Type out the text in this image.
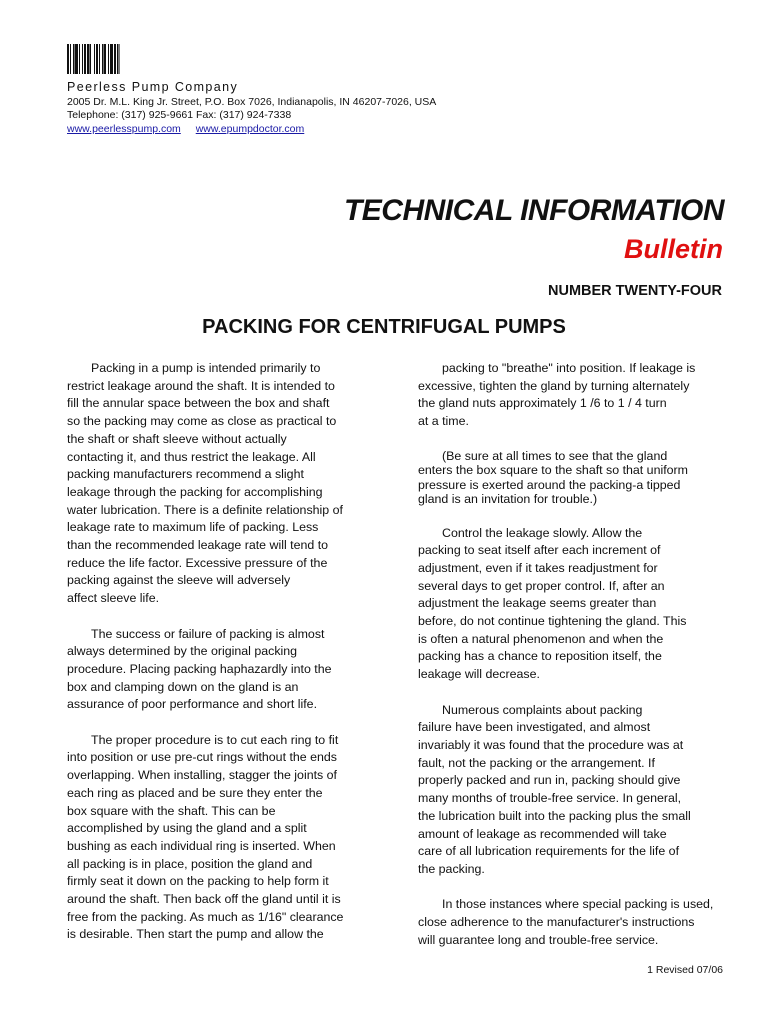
Peerless Pump Company
2005 Dr. M.L. King Jr. Street, P.O. Box 7026, Indianapolis, IN 46207-7026, USA
Telephone: (317) 925-9661 Fax: (317) 924-7338
www.peerlesspump.com www.epumpdoctor.com
TECHNICAL INFORMATION
Bulletin
NUMBER TWENTY-FOUR
PACKING FOR CENTRIFUGAL PUMPS

Packing in a pump is intended primarily to
restrict leakage around the shaft. It is intended to
fill the annular space between the box and shaft
so the packing may come as close as practical to
the shaft or shaft sleeve without actually
contacting it, and thus restrict the leakage. All
packing manufacturers recommend a slight
leakage through the packing for accomplishing
water lubrication. There is a definite relationship of
leakage rate to maximum life of packing. Less
than the recommended leakage rate will tend to
reduce the life factor. Excessive pressure of the
packing against the sleeve will adversely
affect sleeve life.

The success or failure of packing is almost
always determined by the original packing
procedure. Placing packing haphazardly into the
box and clamping down on the gland is an
assurance of poor performance and short life.

The proper procedure is to cut each ring to fit
into position or use pre-cut rings without the ends
overlapping. When installing, stagger the joints of
each ring as placed and be sure they enter the
box square with the shaft. This can be
accomplished by using the gland and a split
bushing as each individual ring is inserted. When
all packing is in place, position the gland and
firmly seat it down on the packing to help form it
around the shaft. Then back off the gland until it is
free from the packing. As much as 1/16" clearance
is desirable. Then start the pump and allow the

packing to "breathe" into position. If leakage is
excessive, tighten the gland by turning alternately
the gland nuts approximately 1 /6 to 1 / 4 turn
at a time.

(Be sure at all times to see that the gland
enters the box square to the shaft so that uniform
pressure is exerted around the packing-a tipped
gland is an invitation for trouble.)

Control the leakage slowly. Allow the
packing to seat itself after each increment of
adjustment, even if it takes readjustment for
several days to get proper control. If, after an
adjustment the leakage seems greater than
before, do not continue tightening the gland. This
is often a natural phenomenon and when the
packing has a chance to reposition itself, the
leakage will decrease.

Numerous complaints about packing
failure have been investigated, and almost
invariably it was found that the procedure was at
fault, not the packing or the arrangement. If
properly packed and run in, packing should give
many months of trouble-free service. In general,
the lubrication built into the packing plus the small
amount of leakage as recommended will take
care of all lubrication requirements for the life of
the packing.

In those instances where special packing is used,
close adherence to the manufacturer's instructions
will guarantee long and trouble-free service.

1 Revised 07/06
